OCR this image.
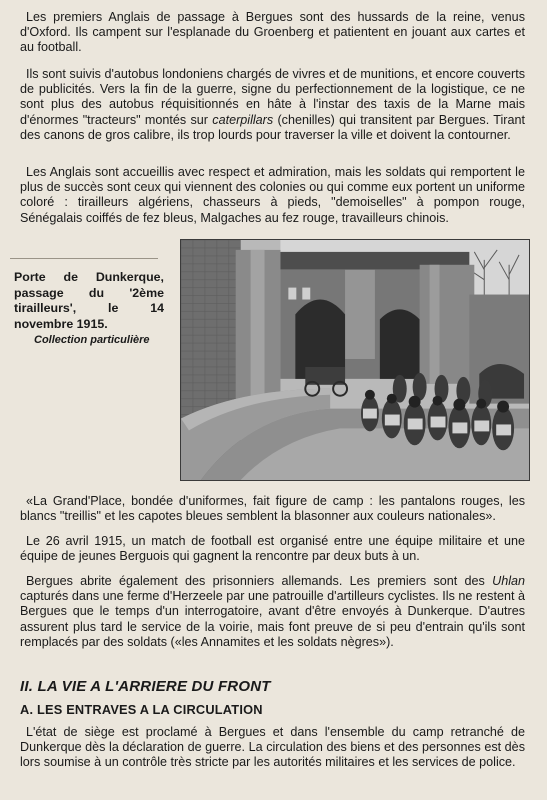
Les premiers Anglais de passage à Bergues sont des hussards de la reine, venus d'Oxford. Ils campent sur l'esplanade du Groenberg et patientent en jouant aux cartes et au football.

Ils sont suivis d'autobus londoniens chargés de vivres et de munitions, et encore couverts de publicités. Vers la fin de la guerre, signe du perfectionnement de la logistique, ce ne sont plus des autobus réquisitionnés en hâte à l'instar des taxis de la Marne mais d'énormes "tracteurs" montés sur caterpillars (chenilles) qui transitent par Bergues. Tirant des canons de gros calibre, ils trop lourds pour traverser la ville et doivent la contourner.

Les Anglais sont accueillis avec respect et admiration, mais les soldats qui remportent le plus de succès sont ceux qui viennent des colonies ou qui comme eux portent un uniforme coloré : tirailleurs algériens, chasseurs à pieds, "demoiselles" à pompon rouge, Sénégalais coiffés de fez bleus, Malgaches au fez rouge, travailleurs chinois.

Porte de Dunkerque, passage du '2ème tirailleurs', le 14 novembre 1915.
Collection particulière

«La Grand'Place, bondée d'uniformes, fait figure de camp : les pantalons rouges, les blancs "treillis" et les capotes bleues semblent la blasonner aux couleurs nationales».

Le 26 avril 1915, un match de football est organisé entre une équipe militaire et une équipe de jeunes Berguois qui gagnent la rencontre par deux buts à un.

Bergues abrite également des prisonniers allemands. Les premiers sont des Uhlan capturés dans une ferme d'Herzeele par une patrouille d'artilleurs cyclistes. Ils ne restent à Bergues que le temps d'un interrogatoire, avant d'être envoyés à Dunkerque. D'autres assurent plus tard le service de la voirie, mais font preuve de si peu d'entrain qu'ils sont remplacés par des soldats («les Annamites et les soldats nègres»).

II. LA VIE A L'ARRIERE DU FRONT
A. LES ENTRAVES A LA CIRCULATION

L'état de siège est proclamé à Bergues et dans l'ensemble du camp retranché de Dunkerque dès la déclaration de guerre. La circulation des biens et des personnes est dès lors soumise à un contrôle très stricte par les autorités militaires et les services de police.
